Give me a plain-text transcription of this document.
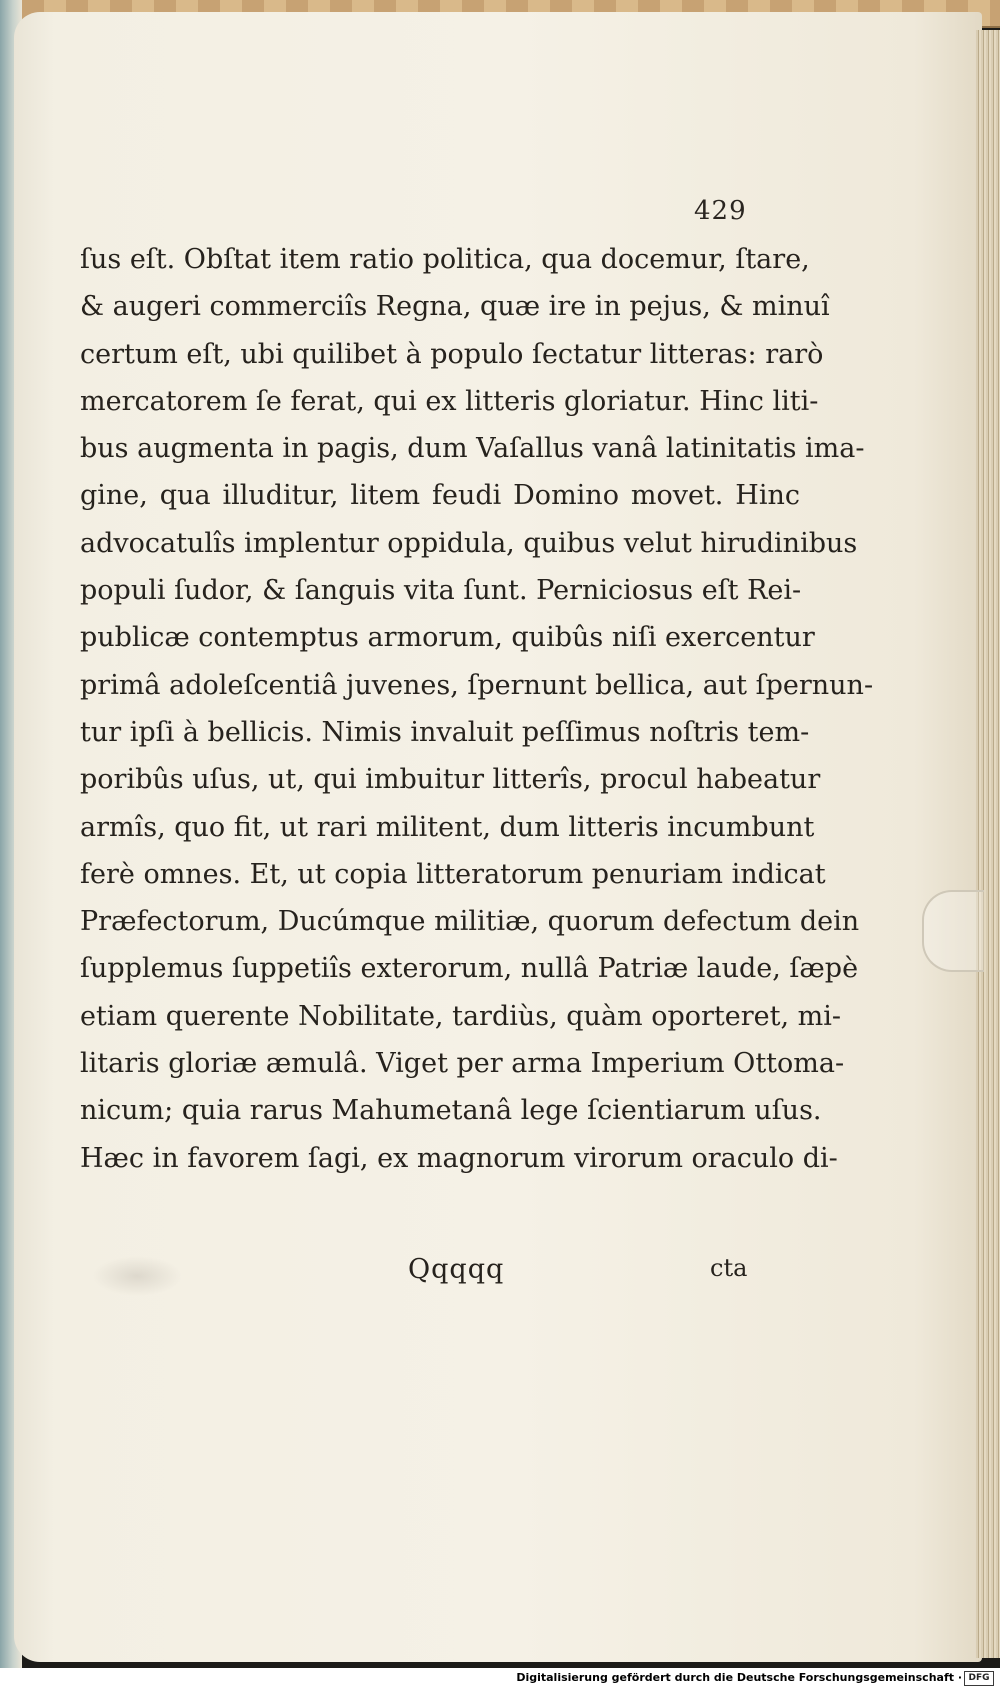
429
ſus eſt. Obſtat item ratio politica, qua docemur, ſtare,
& augeri commerciîs Regna, quæ ire in pejus, & minuî
certum eſt, ubi quilibet à populo ſectatur litteras: rarò
mercatorem ſe ferat, qui ex litteris gloriatur. Hinc liti-
bus augmenta in pagis, dum Vaſallus vanâ latinitatis ima-
gine, qua illuditur, litem feudi Domino movet. Hinc
advocatulîs implentur oppidula, quibus velut hirudinibus
populi ſudor, & ſanguis vita ſunt. Perniciosus eſt Rei-
publicæ contemptus armorum, quibûs niſi exercentur
primâ adoleſcentiâ juvenes, ſpernunt bellica, aut ſpernun-
tur ipſi à bellicis. Nimis invaluit peſſimus noſtris tem-
poribûs uſus, ut, qui imbuitur litterîs, procul habeatur
armîs, quo fit, ut rari militent, dum litteris incumbunt
ferè omnes. Et, ut copia litteratorum penuriam indicat
Præfectorum, Ducúmque militiæ, quorum defectum dein
ſupplemus ſuppetiîs exterorum, nullâ Patriæ laude, ſæpè
etiam querente Nobilitate, tardiùs, quàm oporteret, mi-
litaris gloriæ æmulâ. Viget per arma Imperium Ottoma-
nicum; quia rarus Mahumetanâ lege ſcientiarum uſus.
Hæc in favorem ſagi, ex magnorum virorum oraculo di-
Qqqqq	cta
Digitalisierung gefördert durch die Deutsche Forschungsgemeinschaft · DFG
